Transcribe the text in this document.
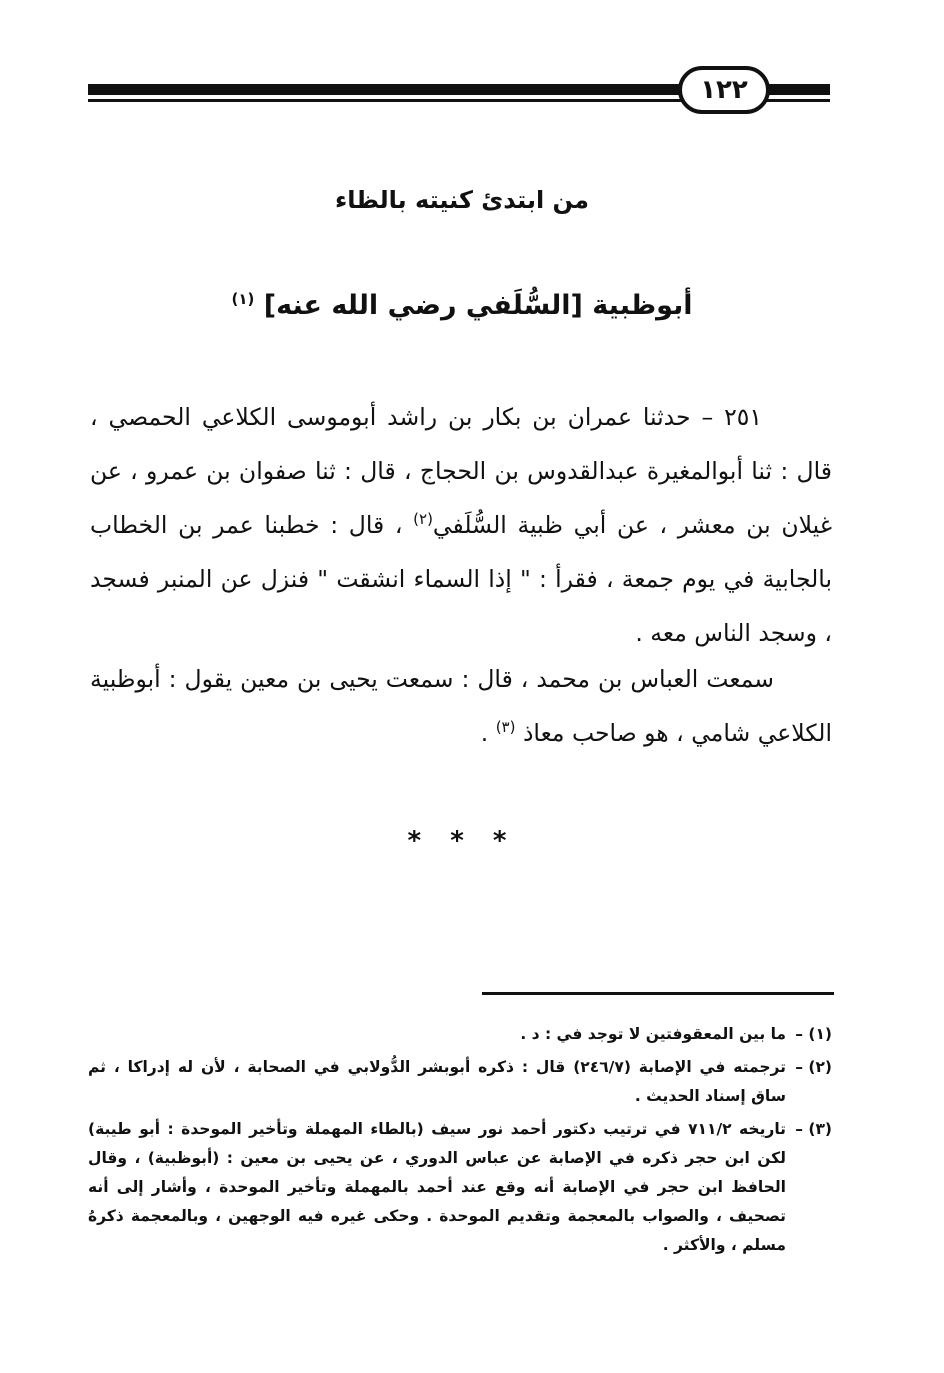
١٢٢
من ابتدئ كنيته بالظاء
أبوظبية [السُّلَفي رضي الله عنه] $^{(١)}$
٢٥١ – حدثنا عمران بن بكار بن راشد أبوموسى الكلاعي الحمصي ، قال : ثنا أبوالمغيرة عبدالقدوس بن الحجاج ، قال : ثنا صفوان بن عمرو ، عن غيلان بن معشر ، عن أبي ظبية السُّلَفي$^{(٢)}$ ، قال : خطبنا عمر بن الخطاب بالجابية في يوم جمعة ، فقرأ : " إذا السماء انشقت " فنزل عن المنبر فسجد ، وسجد الناس معه .
سمعت العباس بن محمد ، قال : سمعت يحيى بن معين يقول : أبوظبية الكلاعي شامي ، هو صاحب معاذ $^{(٣)}$ .
* * *
(١) –
ما بين المعقوفتين لا توجد في : د .
(٢) –
ترجمته في الإصابة (٢٤٦/٧) قال : ذكره أبوبشر الدُّولابي في الصحابة ، لأن له إدراكا ، ثم ساق إسناد الحديث .
(٣) –
تاريخه ٧١١/٢ في ترتيب دكتور أحمد نور سيف (بالطاء المهملة وتأخير الموحدة : أبو طيبة) لكن ابن حجر ذكره في الإصابة عن عباس الدوري ، عن يحيى بن معين : (أبوظبية) ، وقال الحافظ ابن حجر في الإصابة أنه وقع عند أحمد بالمهملة وتأخير الموحدة ، وأشار إلى أنه تصحيف ، والصواب بالمعجمة وتقديم الموحدة . وحكى غيره فيه الوجهين ، وبالمعجمة ذكرهُ مسلم ، والأكثر .
